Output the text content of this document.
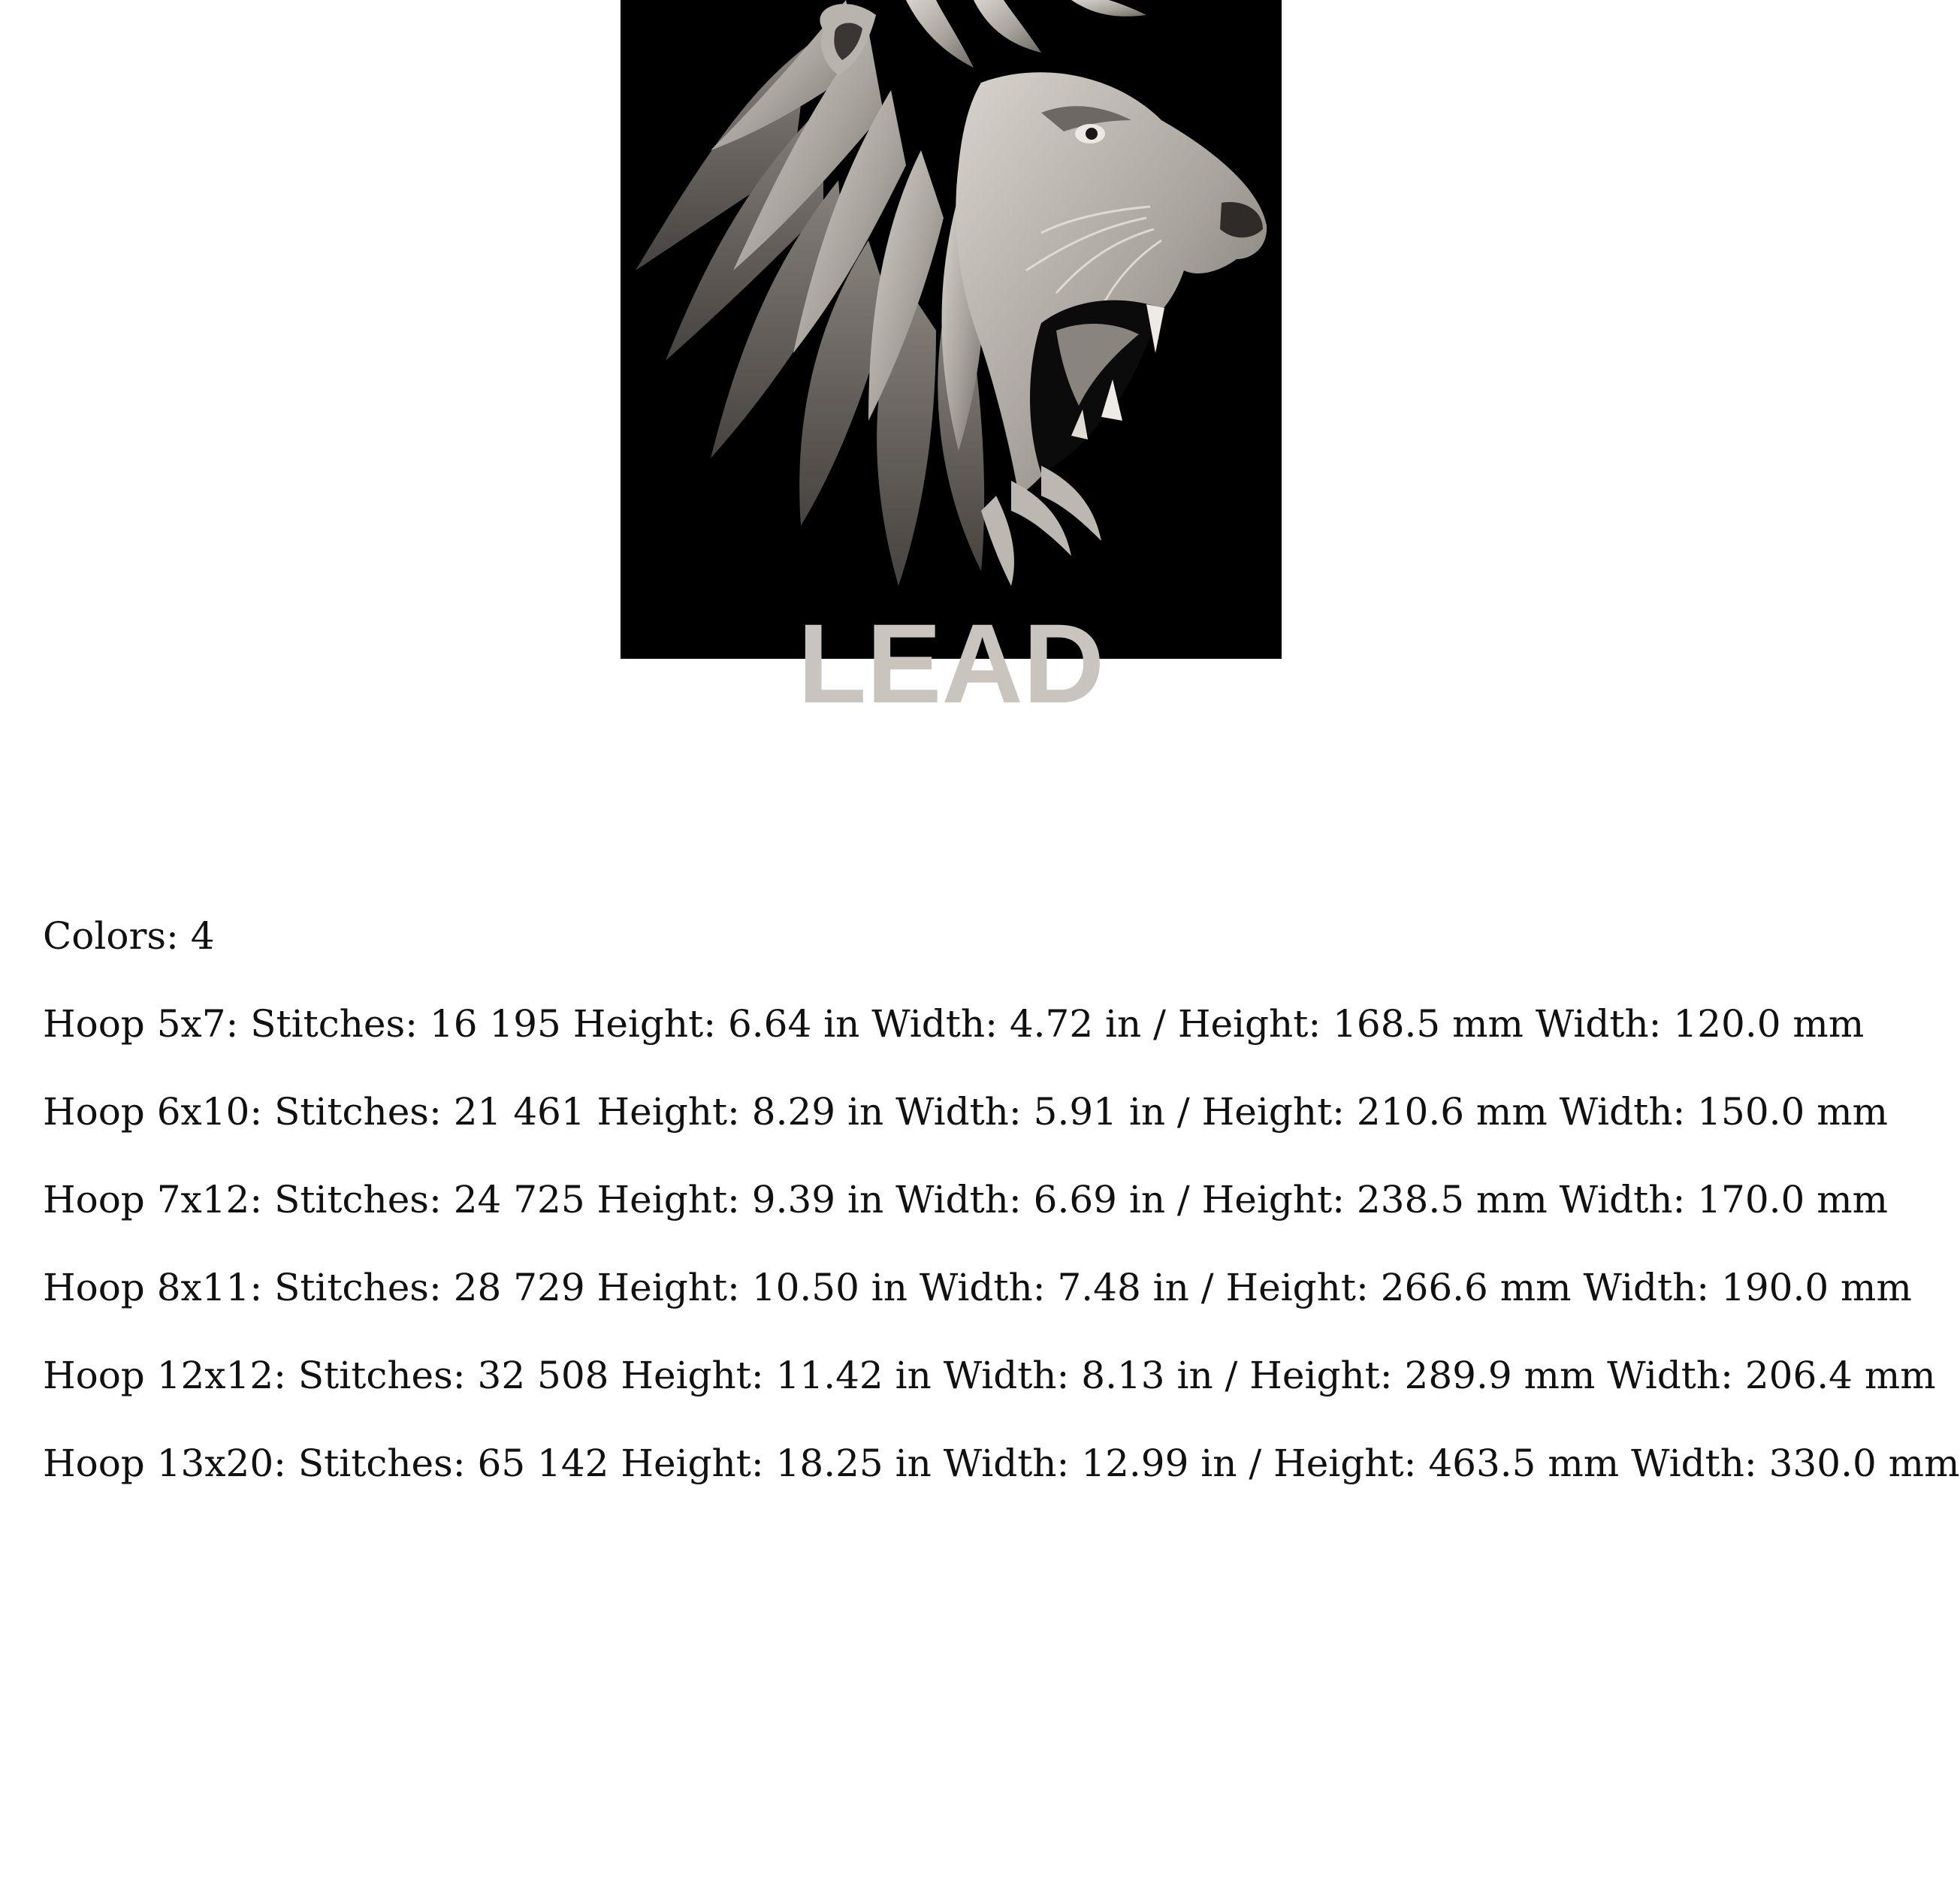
LEAD
Colors: 4
Hoop 5x7: Stitches: 16 195 Height: 6.64 in Width: 4.72 in / Height: 168.5 mm Width: 120.0 mm
Hoop 6x10: Stitches: 21 461 Height: 8.29 in Width: 5.91 in / Height: 210.6 mm Width: 150.0 mm
Hoop 7x12: Stitches: 24 725 Height: 9.39 in Width: 6.69 in / Height: 238.5 mm Width: 170.0 mm
Hoop 8x11: Stitches: 28 729 Height: 10.50 in Width: 7.48 in / Height: 266.6 mm Width: 190.0 mm
Hoop 12x12: Stitches: 32 508 Height: 11.42 in Width: 8.13 in / Height: 289.9 mm Width: 206.4 mm
Hoop 13x20: Stitches: 65 142 Height: 18.25 in Width: 12.99 in / Height: 463.5 mm Width: 330.0 mm
